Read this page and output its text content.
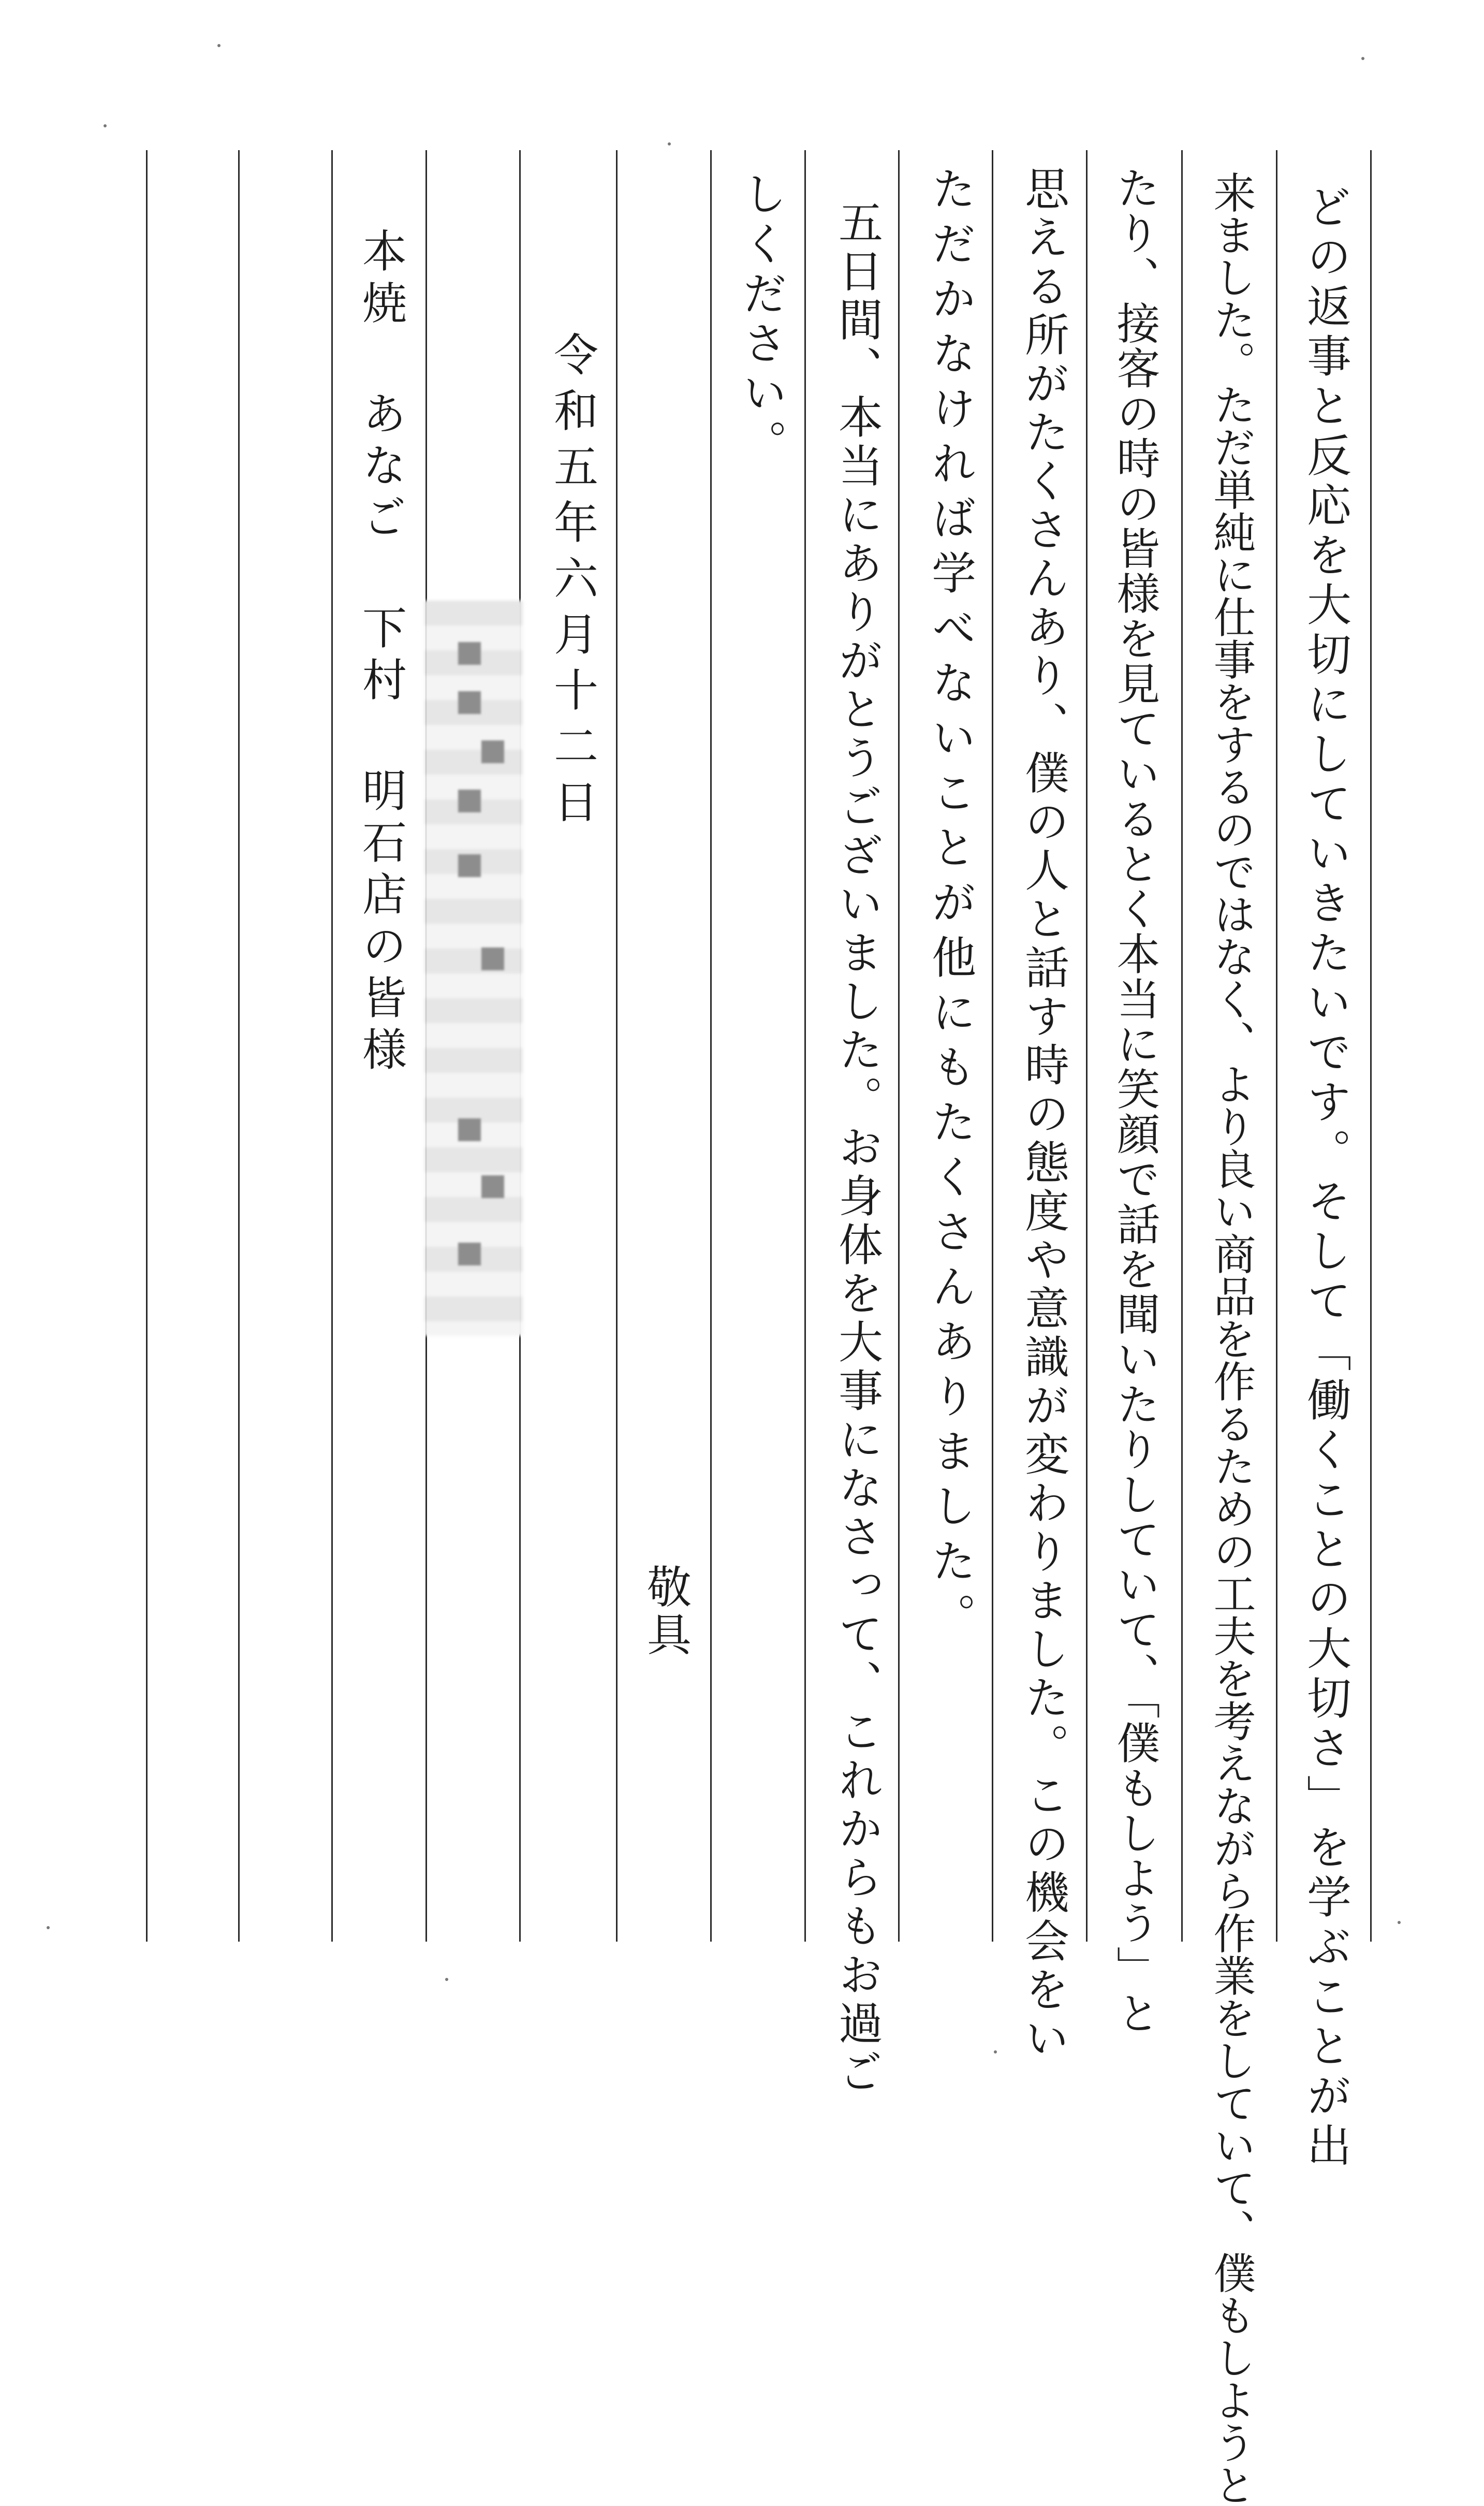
どの返事と反応を大切にしていきたいです。そして「働くことの大切さ」を学ぶことが出
来ました。ただ単純に仕事をするのではなく、より良い商品を作るための工夫を考えながら作業をしていて、僕もしようと
たり、接客の時の皆様を見ているとく本当に笑顔で話を聞いたりしていて、「僕もしよう」と
思える所がたくさんあり、僕の人と話す時の態度や意識が変わりました。この機会をい
ただかなければ学べないことが他にもたくさんありました。
五日間、本当にありがとうございました。お身体を大事になさって、これからもお過ご
しください。
敬具
令和五年六月十二日
本焼 あなご 下村 明石店の皆様
